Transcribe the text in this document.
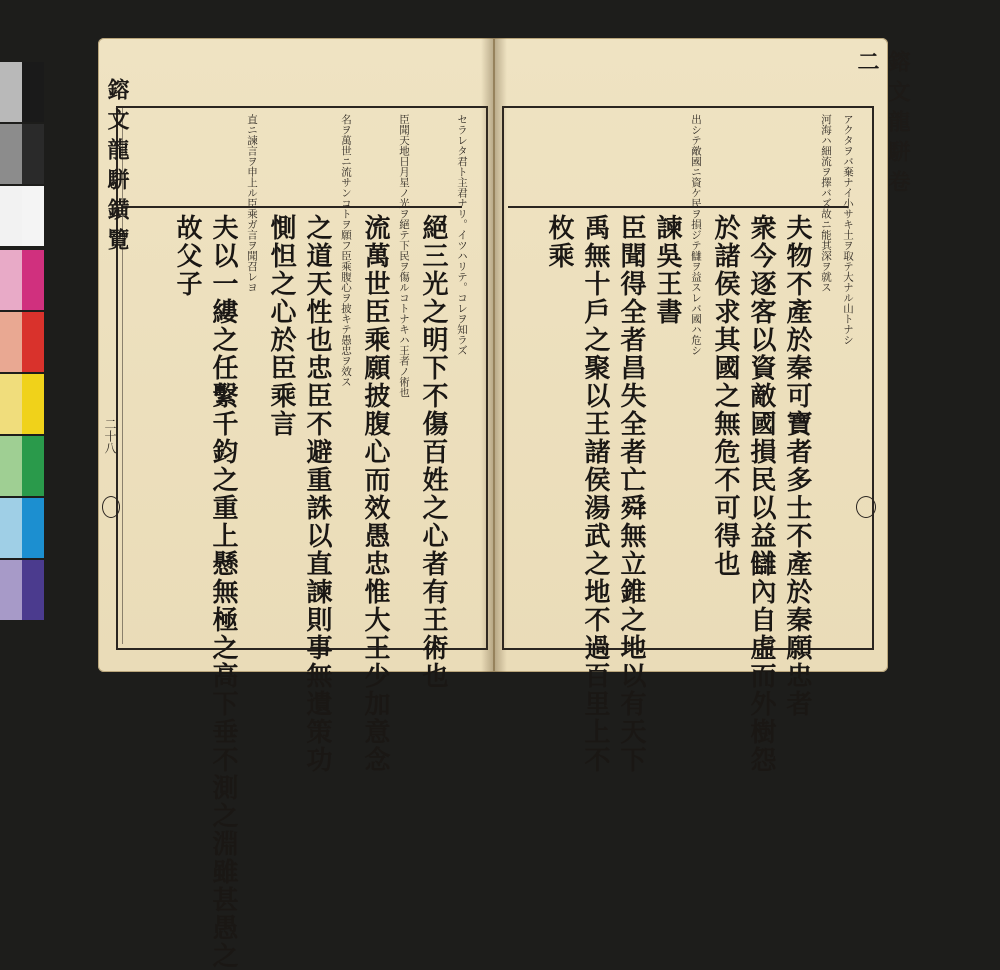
鎔文龍駢鐄覽
二十八
セラレタ君ト主君ナリ。イツハリテ。コレヲ知ラズ
絕三光之明下不傷百姓之心者有王術也
臣聞天地日月星ノ光ヲ絕テ下民ヲ傷ルコトナキハ王者ノ術也
流萬世臣乘願披腹心而效愚忠惟大王少加意念
名ヲ萬世ニ流サンコトヲ願フ臣乘腹心ヲ披キテ愚忠ヲ效ス
之道天性也忠臣不避重誅以直諫則事無遺策功
惻怛之心於臣乘言
直ニ諫言ヲ申上ル臣乘ガ言ヲ聞召レヨ
夫以一縷之任繫千鈞之重上懸無極之高下垂不測之淵雖甚愚之
故父子
鎔文龍駢卷二
アクタヲバ棄ナイ小サキ土ヲ取テ大ナル山トナシ
河海ハ細流ヲ擇バズ故ニ能其深ヲ就ス
夫物不產於秦可寶者多士不產於秦願忠者
衆今逐客以資敵國損民以益讎內自虛而外樹怨
於諸侯求其國之無危不可得也
出シテ敵國ニ資ケ民ヲ損ジテ讎ヲ益スレバ國ハ危シ
諫吳王書
臣聞得全者昌失全者亡舜無立錐之地以有天下
禹無十戶之聚以王諸侯湯武之地不過百里上不
枚乘
